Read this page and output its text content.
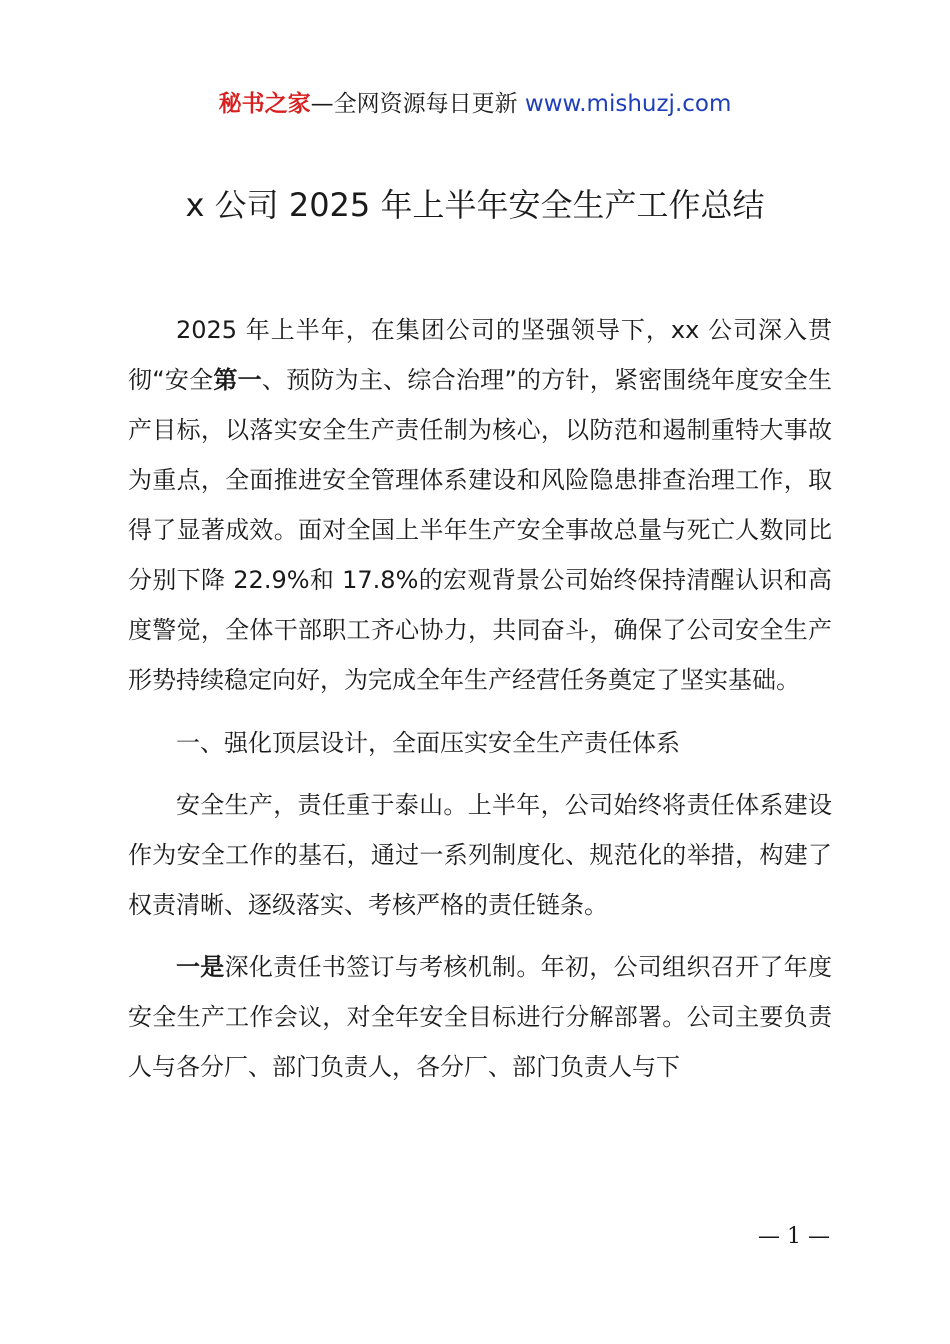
秘书之家—全网资源每日更新 www.mishuzj.com
x 公司 2025 年上半年安全生产工作总结

2025 年上半年，在集团公司的坚强领导下，xx 公司深入贯彻“安全第一、预防为主、综合治理”的方针，紧密围绕年度安全生产目标，以落实安全生产责任制为核心，以防范和遏制重特大事故为重点，全面推进安全管理体系建设和风险隐患排查治理工作，取得了显著成效。面对全国上半年生产安全事故总量与死亡人数同比分别下降 22.9%和 17.8%的宏观背景公司始终保持清醒认识和高度警觉，全体干部职工齐心协力，共同奋斗，确保了公司安全生产形势持续稳定向好，为完成全年生产经营任务奠定了坚实基础。

一、强化顶层设计，全面压实安全生产责任体系

安全生产，责任重于泰山。上半年，公司始终将责任体系建设作为安全工作的基石，通过一系列制度化、规范化的举措，构建了权责清晰、逐级落实、考核严格的责任链条。

一是深化责任书签订与考核机制。年初，公司组织召开了年度安全生产工作会议，对全年安全目标进行分解部署。公司主要负责人与各分厂、部门负责人，各分厂、部门负责人与下

— 1 —
